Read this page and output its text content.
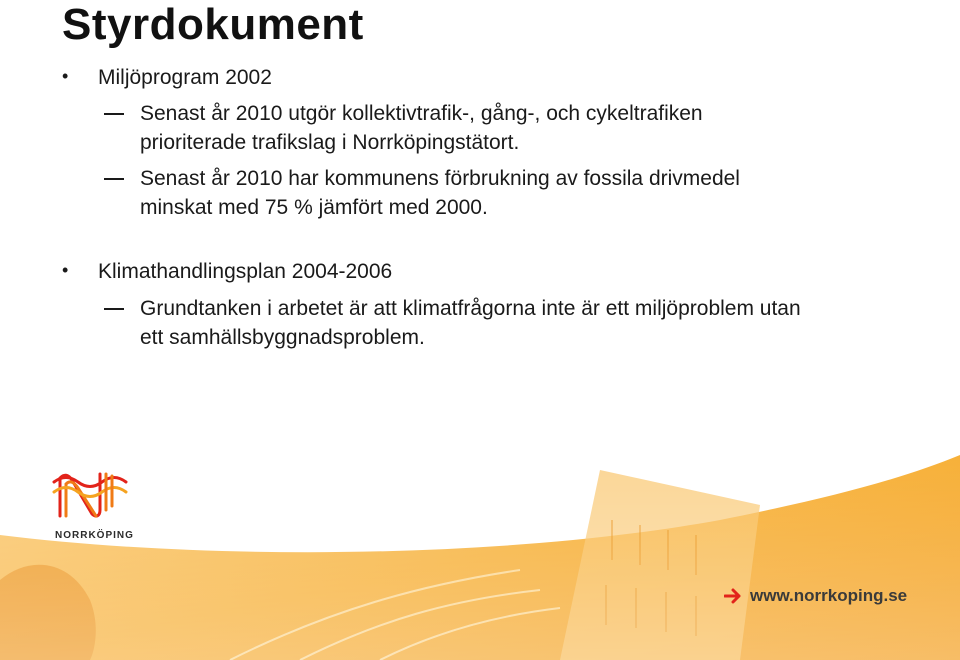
Styrdokument
• Miljöprogram 2002
Senast år 2010 utgör kollektivtrafik-, gång-, och cykeltrafiken
prioriterade trafikslag i Norrköpingstätort.
Senast år 2010 har kommunens förbrukning av fossila drivmedel
minskat med 75 % jämfört med 2000.
• Klimathandlingsplan 2004-2006
Grundtanken i arbetet är att klimatfrågorna inte är ett miljöproblem utan
ett samhällsbyggnadsproblem.
NORRKÖPING
www.norrkoping.se
